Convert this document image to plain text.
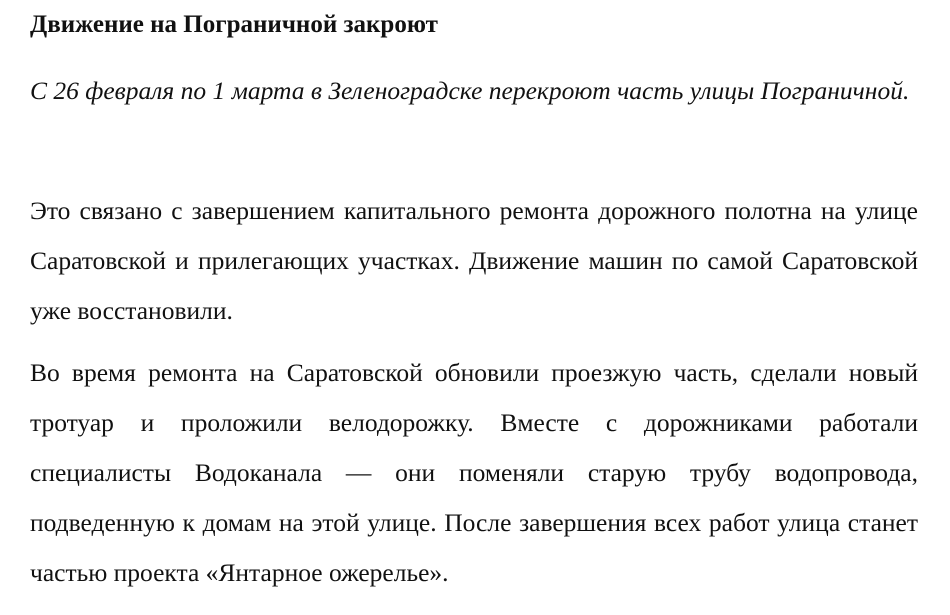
Движение на Пограничной закроют

С 26 февраля по 1 марта в Зеленоградске перекроют часть улицы Пограничной.

Это связано с завершением капитального ремонта дорожного полотна на улице Саратовской и прилегающих участках. Движение машин по самой Саратовской уже восстановили.

Во время ремонта на Саратовской обновили проезжую часть, сделали новый тротуар и проложили велодорожку. Вместе с дорожниками работали специалисты Водоканала — они поменяли старую трубу водопровода, подведенную к домам на этой улице. После завершения всех работ улица станет частью проекта «Янтарное ожерелье».
